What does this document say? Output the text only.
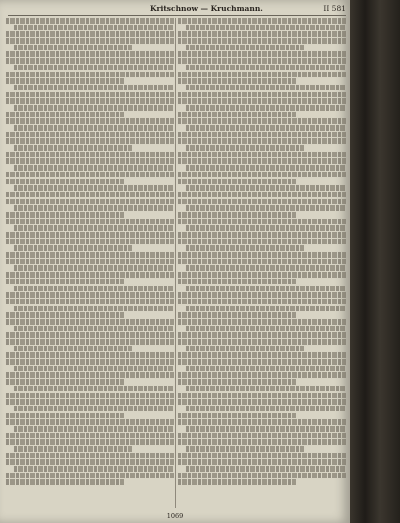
Kritschnow — Kruchmann.	II 581
1069
